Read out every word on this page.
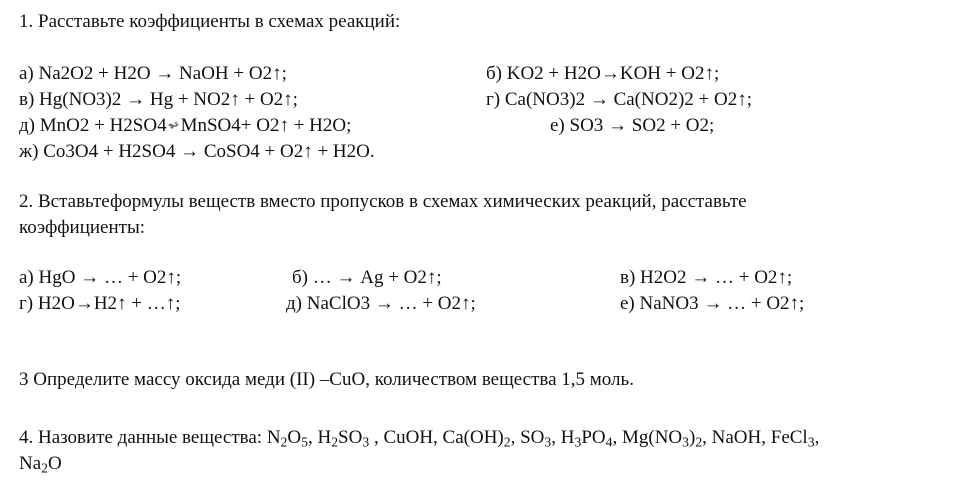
1. Расставьте коэффициенты в схемах реакций:
а) Na2O2 + H2O → NaOH + O2↑;	б) KO2 + H2O→KOH + O2↑;
в) Hg(NO3)2 → Hg + NO2↑ + O2↑;	г) Ca(NO3)2 → Ca(NO2)2 + O2↑;
д) MnO2 + H2SO4 MnSO4+ O2↑ + H2O;	е) SO3 → SO2 + O2;
ж) Co3O4 + H2SO4 → CoSO4 + O2↑ + H2O.
2. Вставьтеформулы веществ вместо пропусков в схемах химических реакций, расставьте
коэффициенты:
а) HgO → … + O2↑;	б) … → Ag + O2↑;	в) H2O2 → … + O2↑;
г) H2O→H2↑ + …↑;	д) NaClO3 → … + O2↑;	е) NaNO3 → … + O2↑;
3 Определите массу оксида меди (II) –CuO, количеством вещества 1,5 моль.
4. Назовите данные вещества: $N_2O_5$, $H_2SO_3$ , CuOH, $Ca(OH)_2$, $SO_3$, $H_3PO_4$, $Mg(NO_3)_2$, NaOH, FeCl$_3$,
$Na_2O$
